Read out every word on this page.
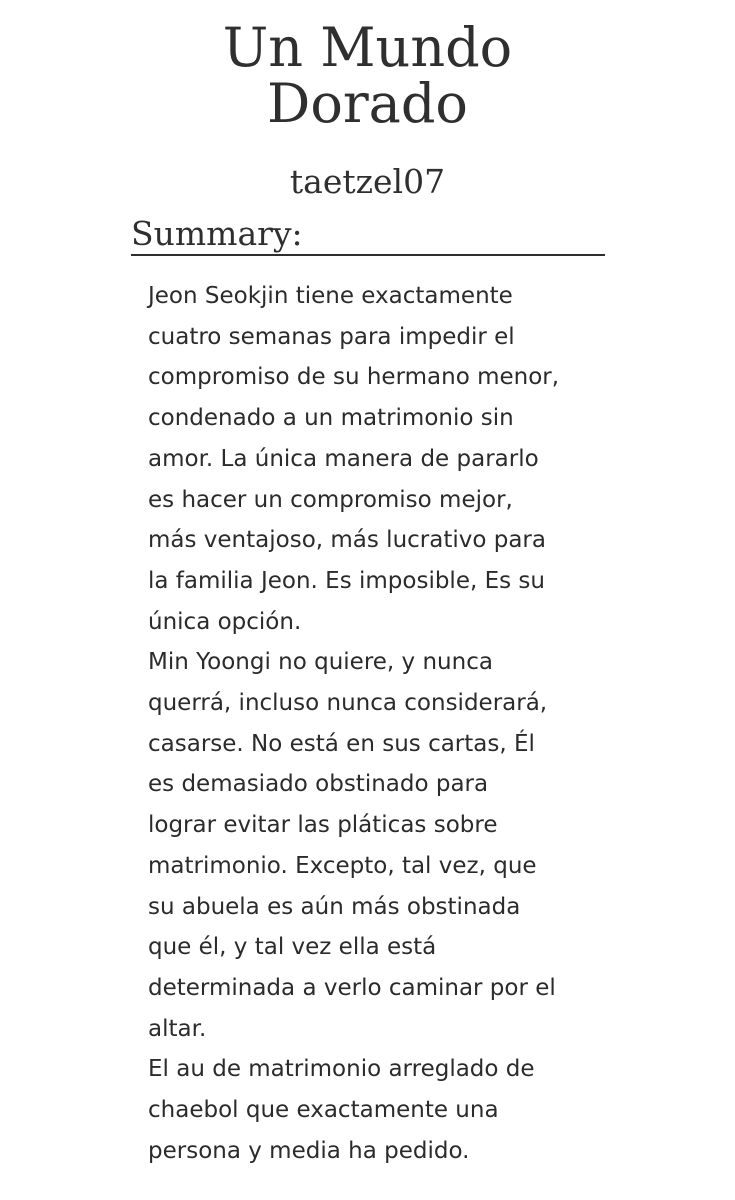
Un Mundo
Dorado
taetzel07
Summary:
Jeon Seokjin tiene exactamente
cuatro semanas para impedir el
compromiso de su hermano menor,
condenado a un matrimonio sin
amor. La única manera de pararlo
es hacer un compromiso mejor,
más ventajoso, más lucrativo para
la familia Jeon. Es imposible, Es su
única opción.
Min Yoongi no quiere, y nunca
querrá, incluso nunca considerará,
casarse. No está en sus cartas, Él
es demasiado obstinado para
lograr evitar las pláticas sobre
matrimonio. Excepto, tal vez, que
su abuela es aún más obstinada
que él, y tal vez ella está
determinada a verlo caminar por el
altar.
El au de matrimonio arreglado de
chaebol que exactamente una
persona y media ha pedido.
